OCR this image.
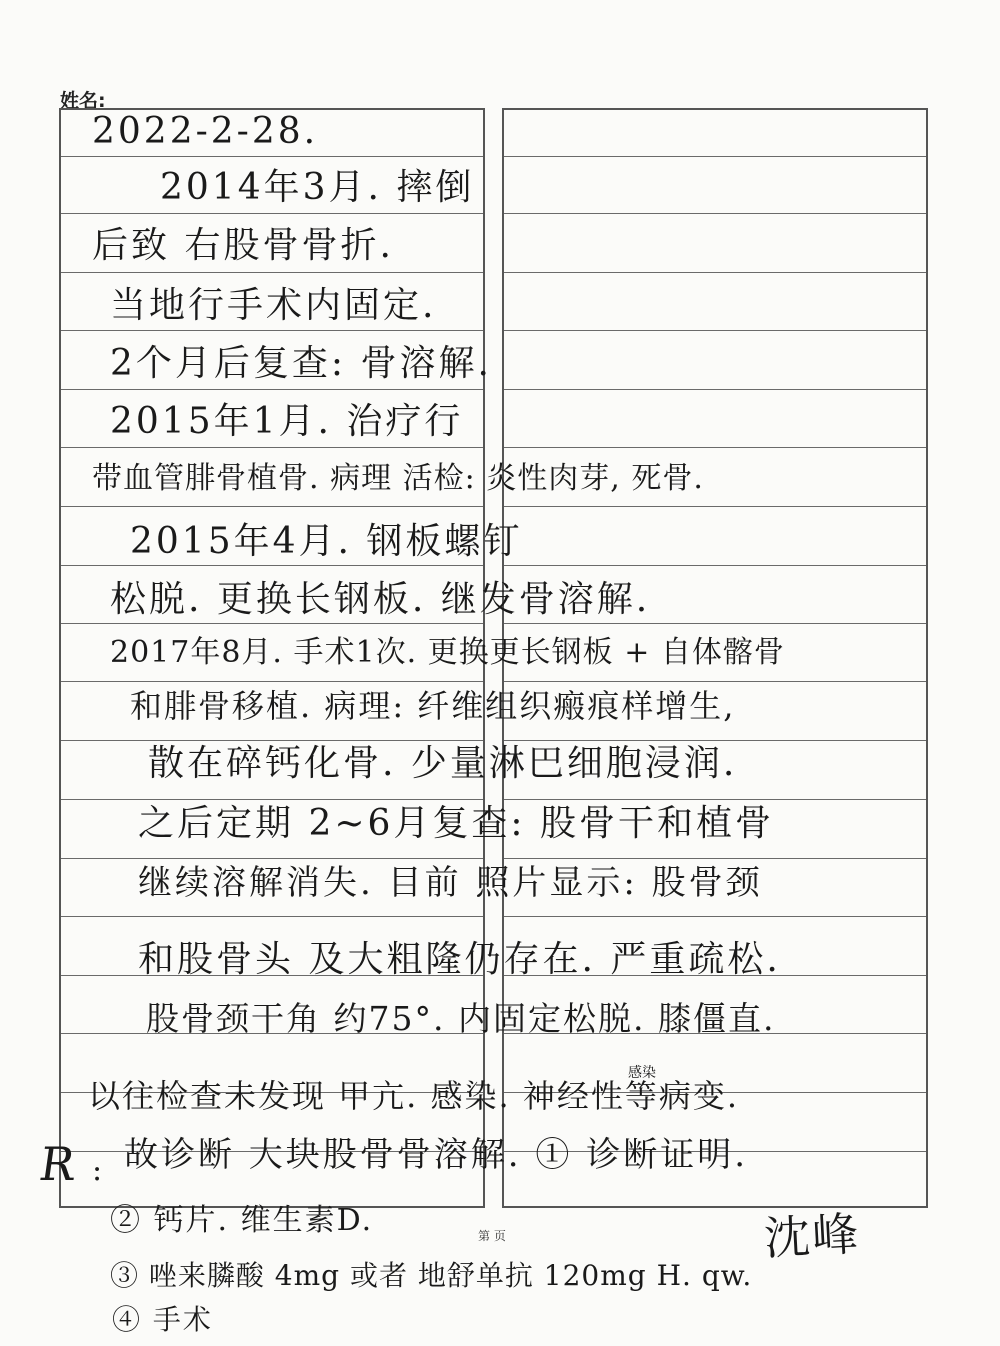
姓名:
第 页
2022-2-28.
2014年3月. 摔倒
后致 右股骨骨折.
当地行手术内固定.
2个月后复查: 骨溶解.
2015年1月. 治疗行
带血管腓骨植骨. 病理 活检: 炎性肉芽, 死骨.
2015年4月. 钢板螺钉
松脱. 更换长钢板. 继发骨溶解.
2017年8月. 手术1次. 更换更长钢板 + 自体髂骨
和腓骨移植. 病理: 纤维组织瘢痕样增生,
散在碎钙化骨. 少量淋巴细胞浸润.
之后定期 2~6月复查: 股骨干和植骨
继续溶解消失. 目前 照片显示: 股骨颈
和股骨头 及大粗隆仍存在. 严重疏松.
股骨颈干角 约75°. 内固定松脱. 膝僵直.
以往检查未发现 甲亢. 感染. 神经性等病变.
感染
故诊断 大块股骨骨溶解. ① 诊断证明.
R :
② 钙片. 维生素D.
③ 唑来膦酸 4mg 或者 地舒单抗 120mg H. qw.
④ 手术
沈峰
